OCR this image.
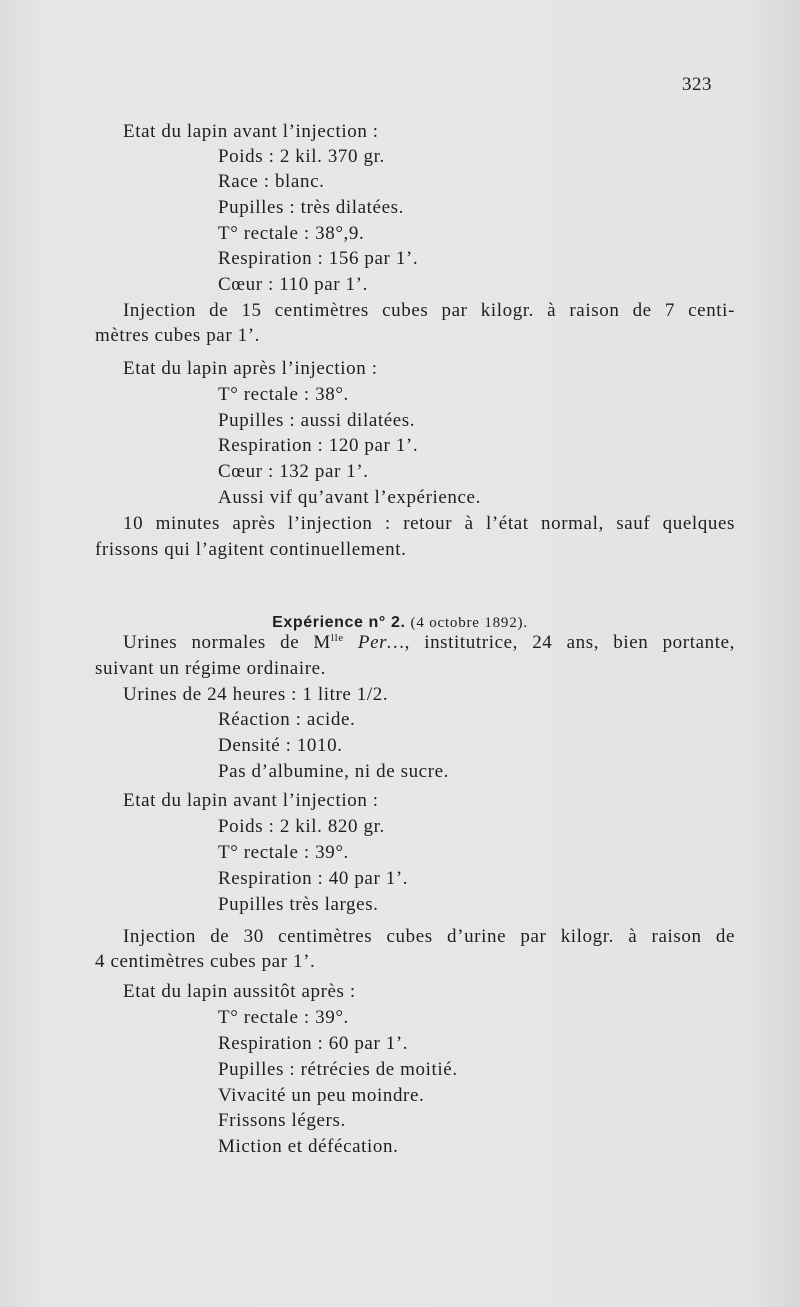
323
Etat du lapin avant l’injection :
Poids : 2 kil. 370 gr.
Race : blanc.
Pupilles : très dilatées.
T° rectale : 38°,9.
Respiration : 156 par 1’.
Cœur : 110 par 1’.
Injection de 15 centimètres cubes par kilogr. à raison de 7 centi-
mètres cubes par 1’.
Etat du lapin après l’injection :
T° rectale : 38°.
Pupilles : aussi dilatées.
Respiration : 120 par 1’.
Cœur : 132 par 1’.
Aussi vif qu’avant l’expérience.
10 minutes après l’injection : retour à l’état normal, sauf quelques
frissons qui l’agitent continuellement.
Expérience n° 2. (4 octobre 1892).
Urines normales de $M^{lle}$ Per…, institutrice, 24 ans, bien portante,
suivant un régime ordinaire.
Urines de 24 heures : 1 litre 1/2.
Réaction : acide.
Densité : 1010.
Pas d’albumine, ni de sucre.
Etat du lapin avant l’injection :
Poids : 2 kil. 820 gr.
T° rectale : 39°.
Respiration : 40 par 1’.
Pupilles très larges.
Injection de 30 centimètres cubes d’urine par kilogr. à raison de
4 centimètres cubes par 1’.
Etat du lapin aussitôt après :
T° rectale : 39°.
Respiration : 60 par 1’.
Pupilles : rétrécies de moitié.
Vivacité un peu moindre.
Frissons légers.
Miction et défécation.
